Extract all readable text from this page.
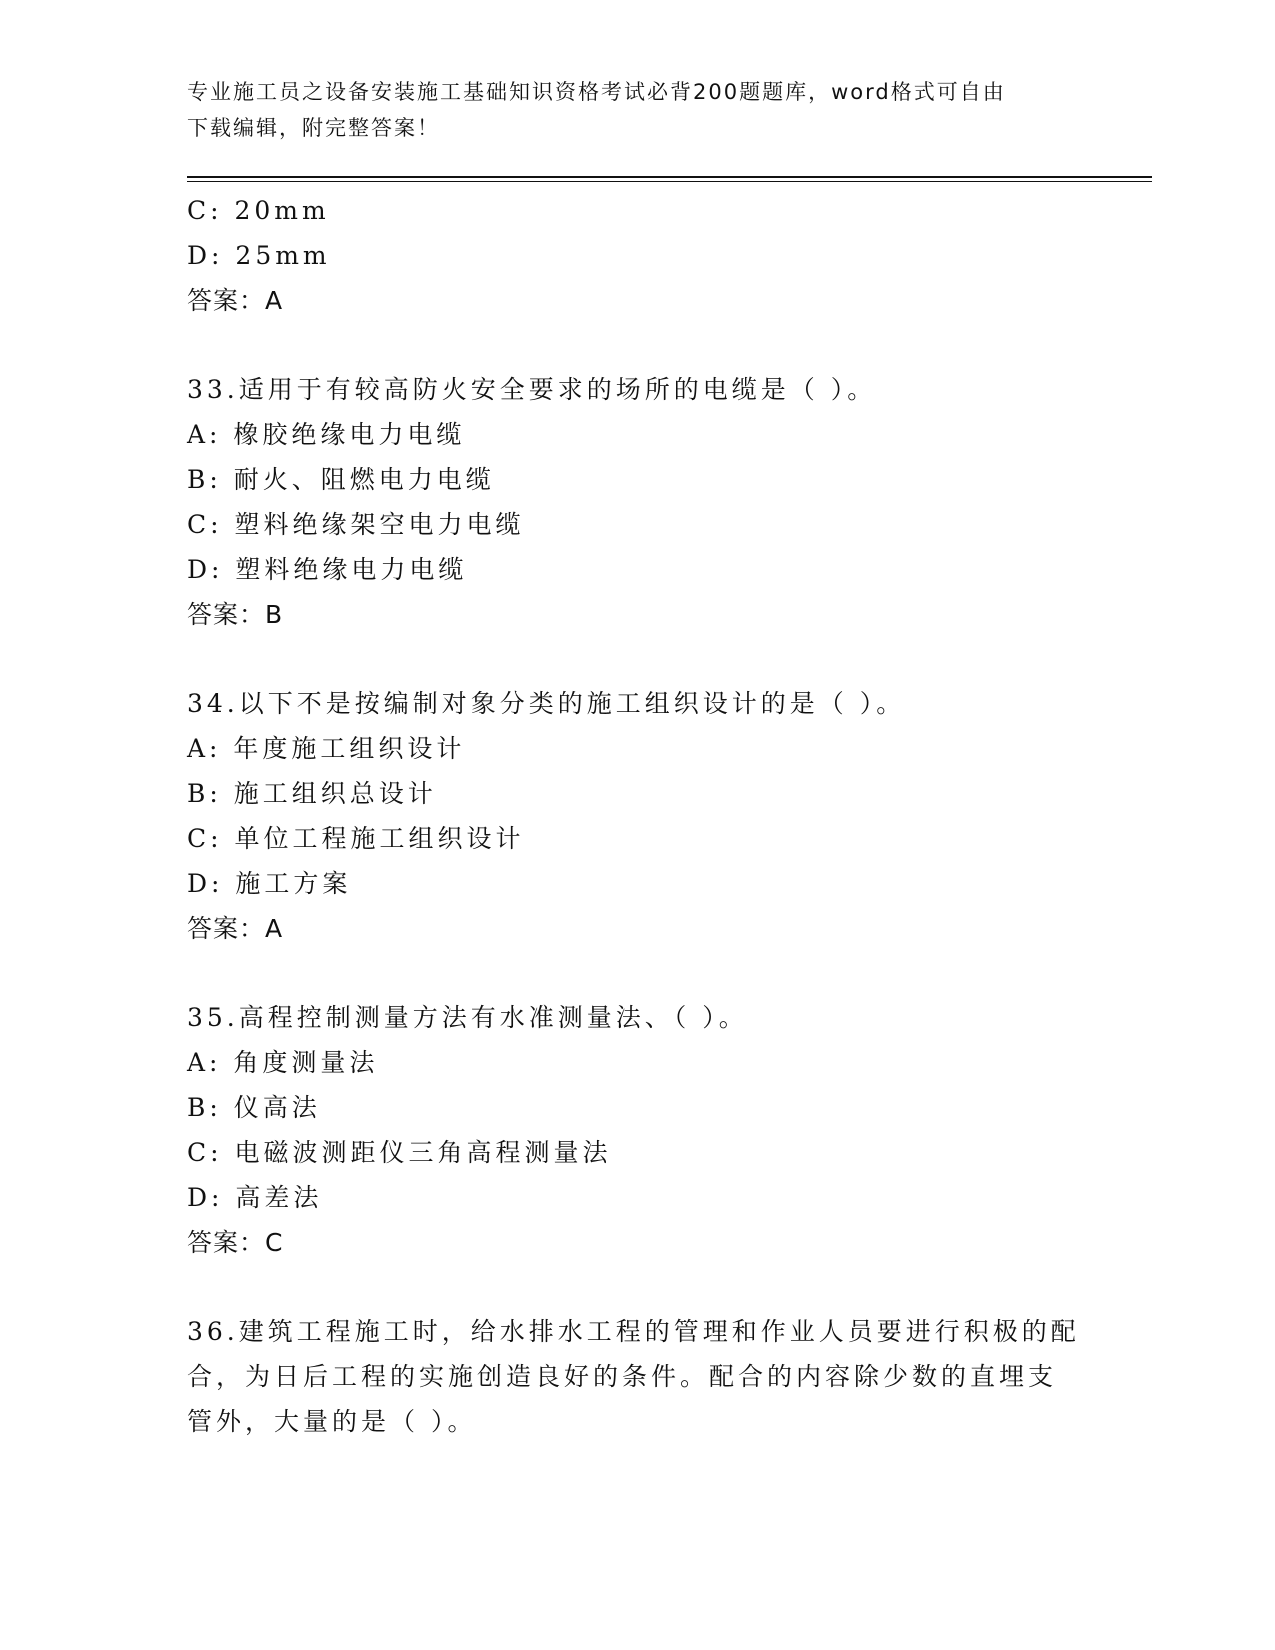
专业施工员之设备安装施工基础知识资格考试必背200题题库，word格式可自由
下载编辑，附完整答案！
C: 20mm
D: 25mm
答案：A
33.适用于有较高防火安全要求的场所的电缆是（ ）。
A: 橡胶绝缘电力电缆
B: 耐火、阻燃电力电缆
C: 塑料绝缘架空电力电缆
D: 塑料绝缘电力电缆
答案：B
34.以下不是按编制对象分类的施工组织设计的是（ ）。
A: 年度施工组织设计
B: 施工组织总设计
C: 单位工程施工组织设计
D: 施工方案
答案：A
35.高程控制测量方法有水准测量法、（ ）。
A: 角度测量法
B: 仪高法
C: 电磁波测距仪三角高程测量法
D: 高差法
答案：C
36.建筑工程施工时，给水排水工程的管理和作业人员要进行积极的配
合，为日后工程的实施创造良好的条件。配合的内容除少数的直埋支
管外，大量的是（ ）。
